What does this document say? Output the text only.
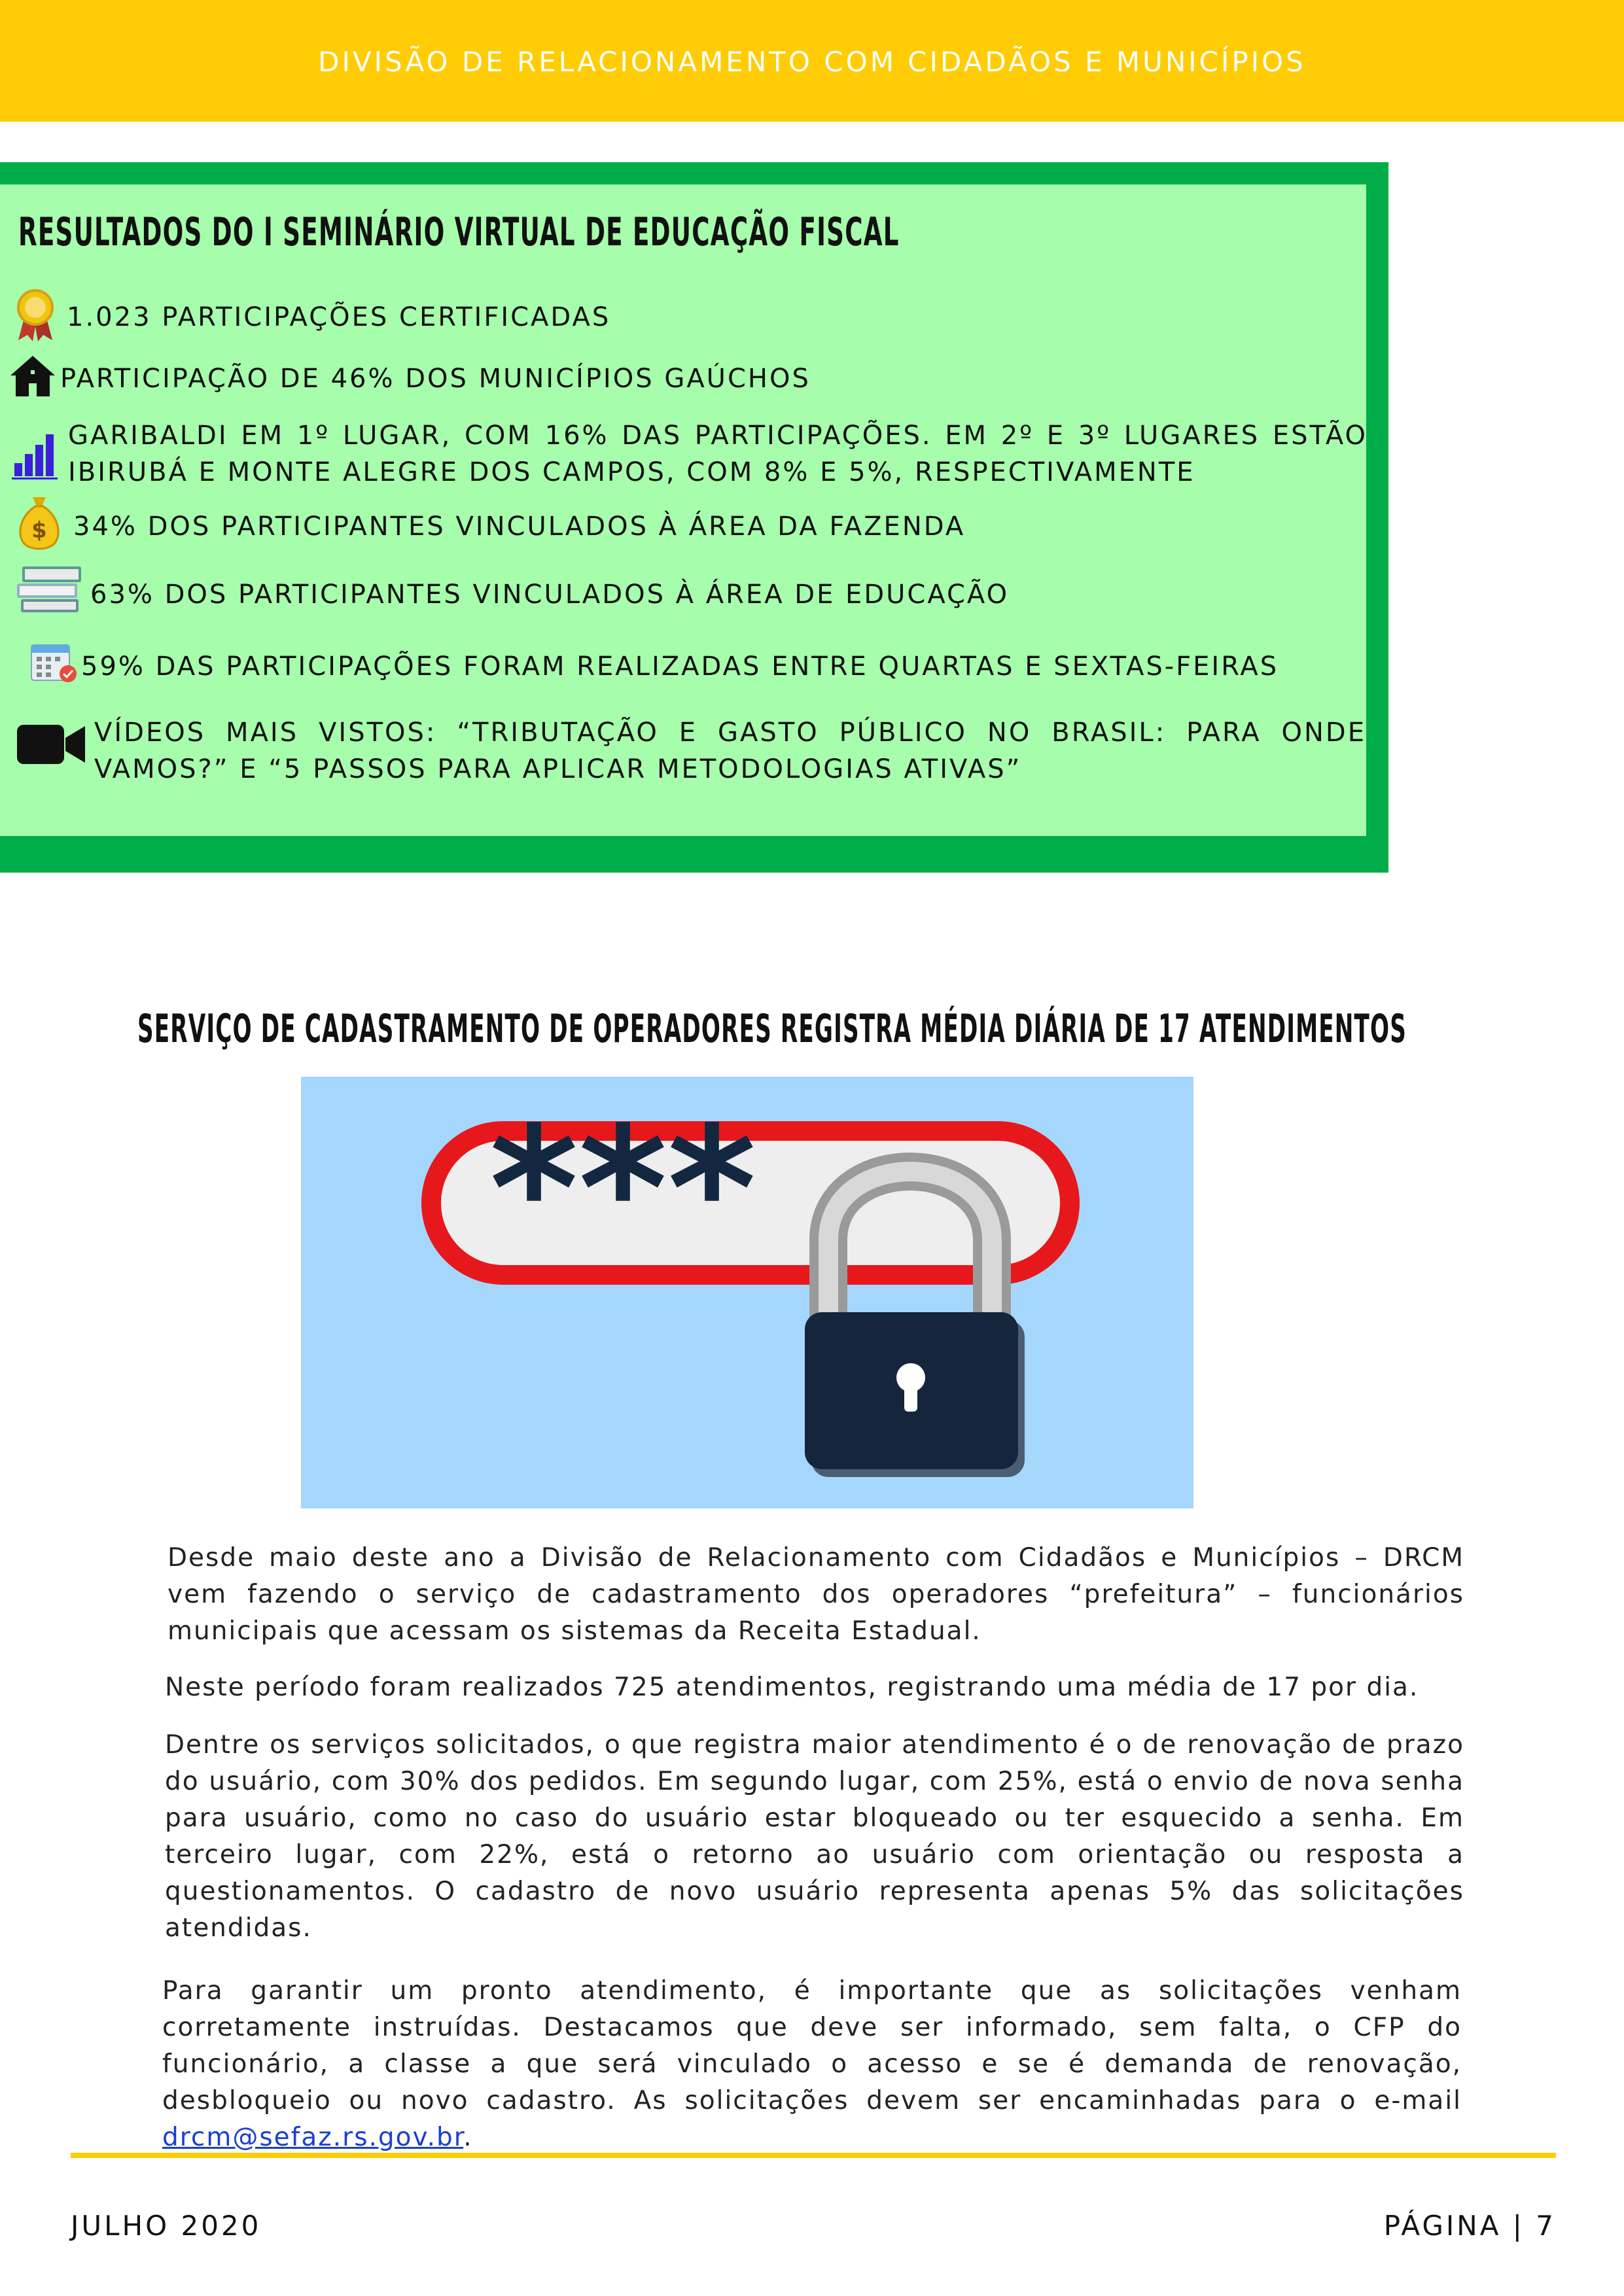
DIVISÃO DE RELACIONAMENTO COM CIDADÃOS E MUNICÍPIOS
RESULTADOS DO I SEMINÁRIO VIRTUAL DE EDUCAÇÃO FISCAL
1.023 PARTICIPAÇÕES CERTIFICADAS
PARTICIPAÇÃO DE 46% DOS MUNICÍPIOS GAÚCHOS
GARIBALDI EM 1º LUGAR, COM 16% DAS PARTICIPAÇÕES. EM 2º E 3º LUGARES ESTÃO IBIRUBÁ E MONTE ALEGRE DOS CAMPOS, COM 8% E 5%, RESPECTIVAMENTE
$ 34% DOS PARTICIPANTES VINCULADOS À ÁREA DA FAZENDA
63% DOS PARTICIPANTES VINCULADOS À ÁREA DE EDUCAÇÃO
59% DAS PARTICIPAÇÕES FORAM REALIZADAS ENTRE QUARTAS E SEXTAS-FEIRAS
VÍDEOS MAIS VISTOS: “TRIBUTAÇÃO E GASTO PÚBLICO NO BRASIL: PARA ONDE VAMOS?” E “5 PASSOS PARA APLICAR METODOLOGIAS ATIVAS”
SERVIÇO DE CADASTRAMENTO DE OPERADORES REGISTRA MÉDIA DIÁRIA DE 17 ATENDIMENTOS
***

Desde maio deste ano a Divisão de Relacionamento com Cidadãos e Municípios – DRCM vem fazendo o serviço de cadastramento dos operadores “prefeitura” – funcionários municipais que acessam os sistemas da Receita Estadual.

Neste período foram realizados 725 atendimentos, registrando uma média de 17 por dia.

Dentre os serviços solicitados, o que registra maior atendimento é o de renovação de prazo do usuário, com 30% dos pedidos. Em segundo lugar, com 25%, está o envio de nova senha para usuário, como no caso do usuário estar bloqueado ou ter esquecido a senha. Em terceiro lugar, com 22%, está o retorno ao usuário com orientação ou resposta a questionamentos. O cadastro de novo usuário representa apenas 5% das solicitações atendidas.

Para garantir um pronto atendimento, é importante que as solicitações venham corretamente instruídas. Destacamos que deve ser informado, sem falta, o CFP do funcionário, a classe a que será vinculado o acesso e se é demanda de renovação, desbloqueio ou novo cadastro. As solicitações devem ser encaminhadas para o e-mail drcm@sefaz.rs.gov.br.

JULHO 2020	PÁGINA | 7
